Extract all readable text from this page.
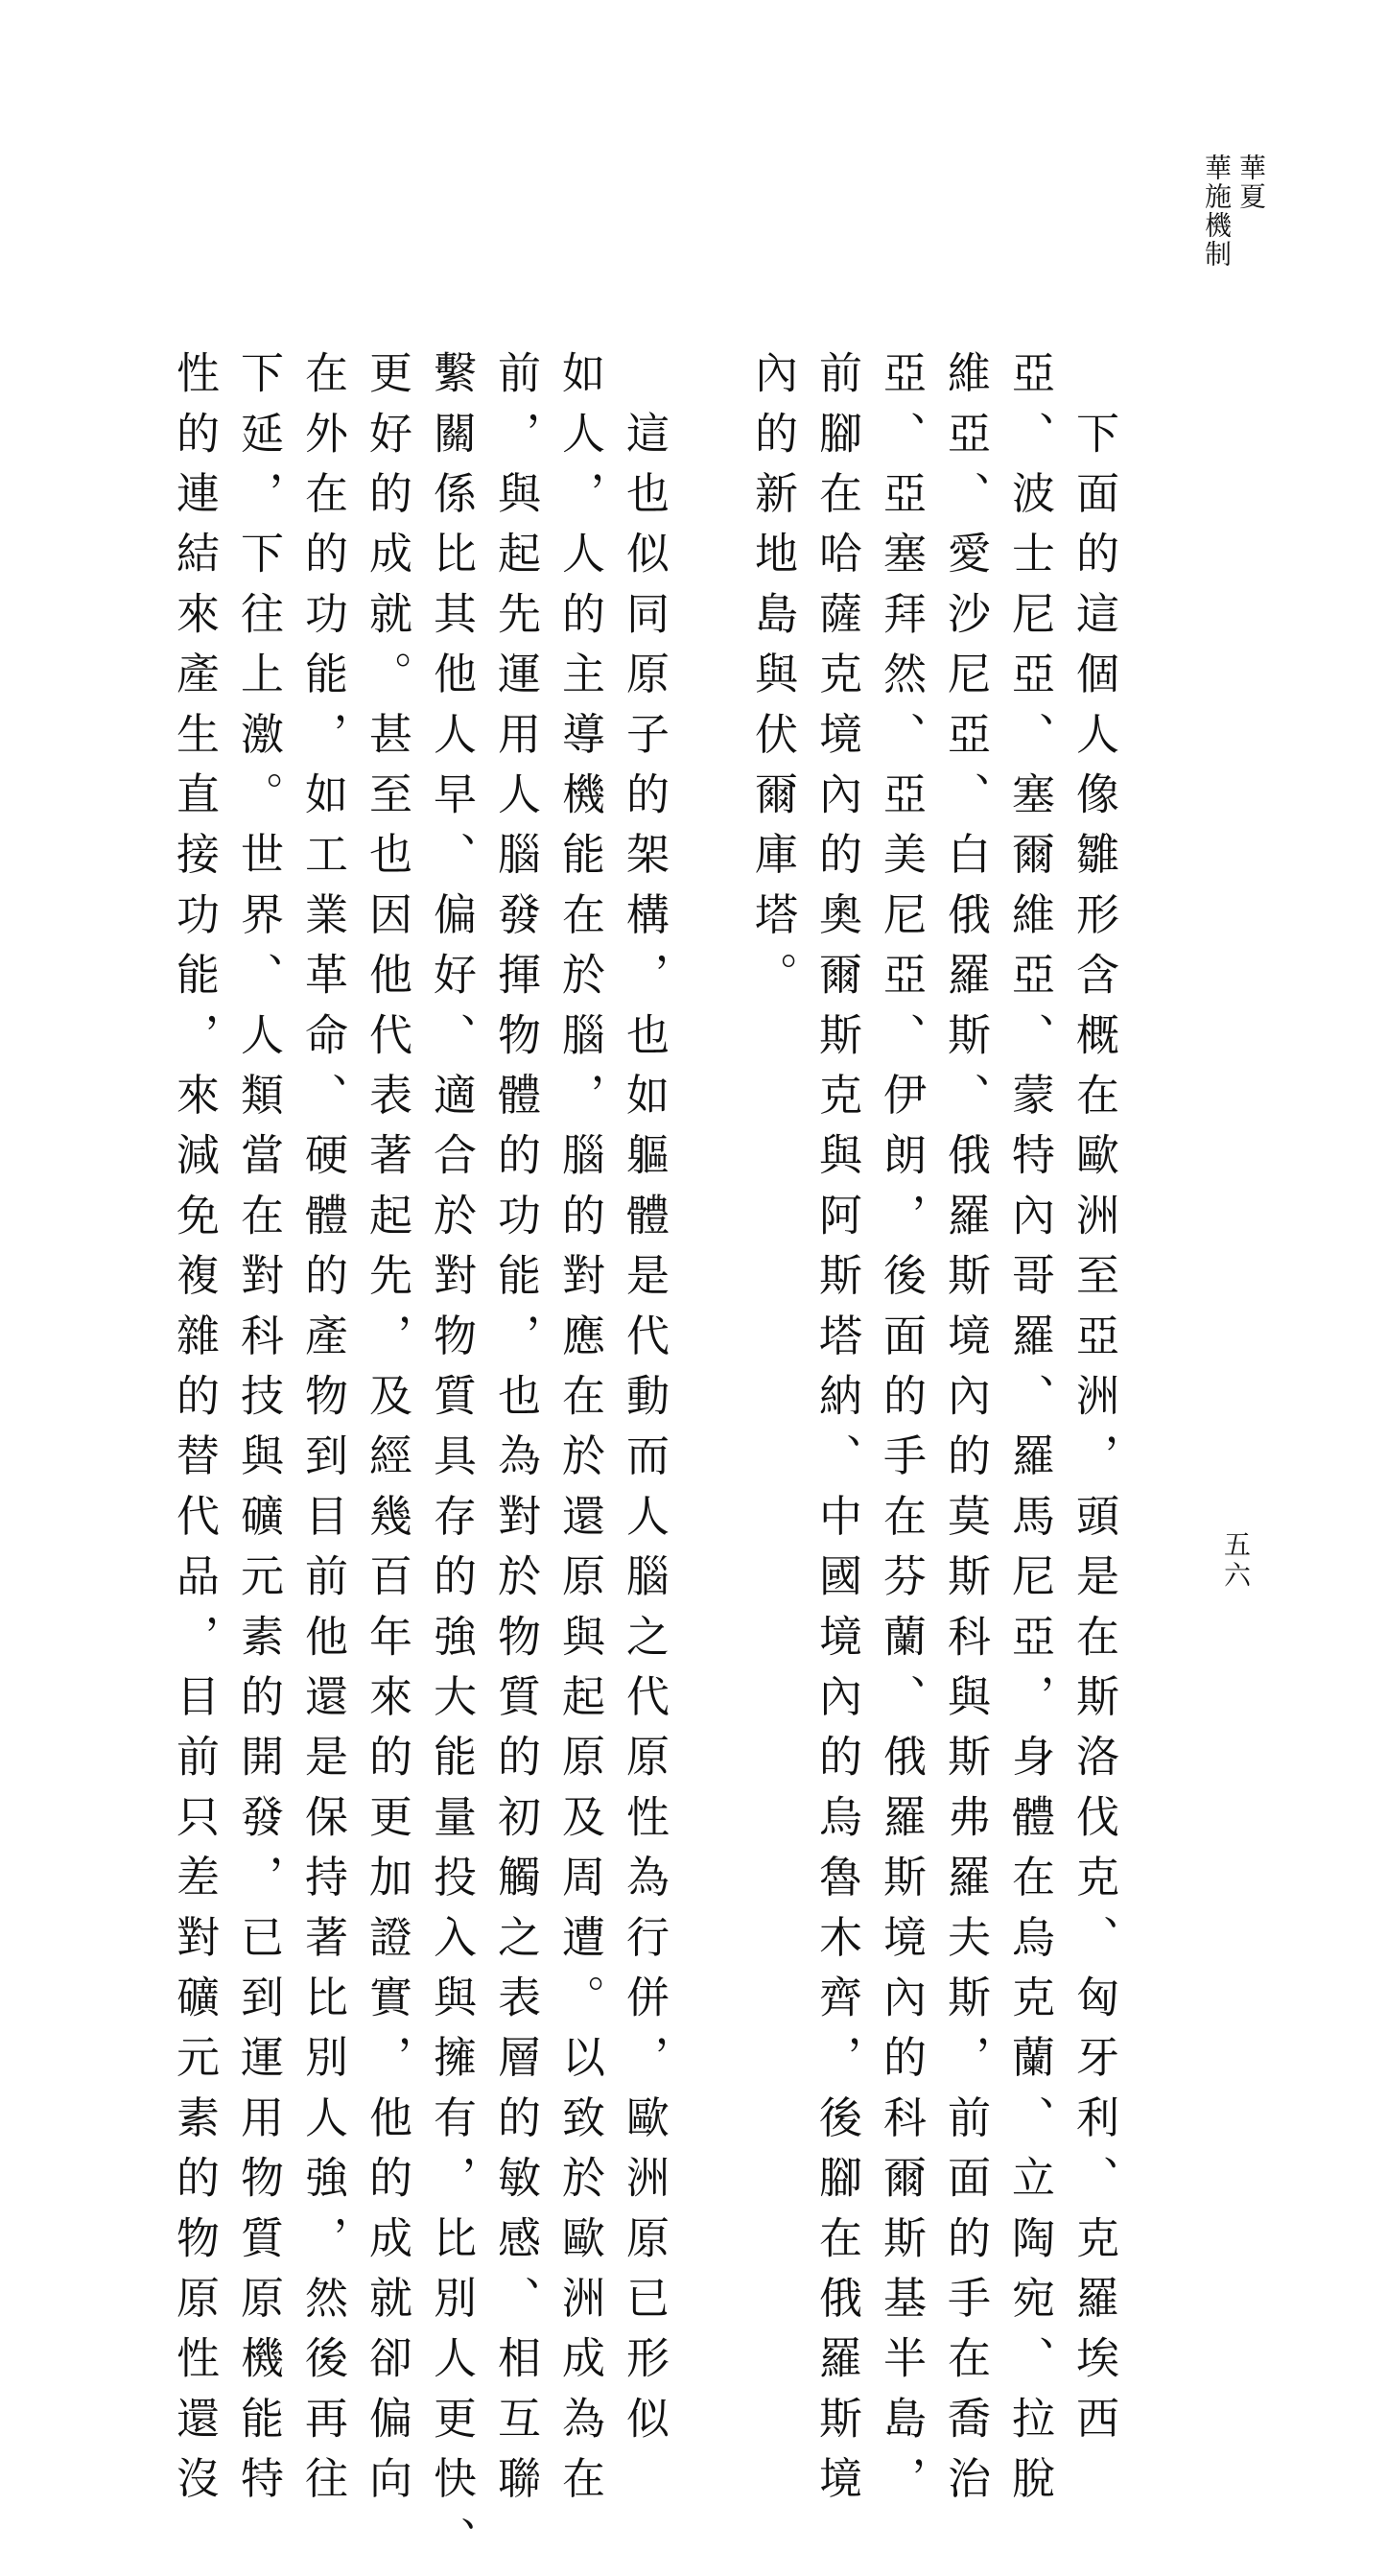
華夏
華施機制
五六
　下面的這個人像雛形含概在歐洲至亞洲，頭是在斯洛伐克、匈牙利、克羅埃西
亞、波士尼亞、塞爾維亞、蒙特內哥羅、羅馬尼亞，身體在烏克蘭、立陶宛、拉脫
維亞、愛沙尼亞、白俄羅斯、俄羅斯境內的莫斯科與斯弗羅夫斯，前面的手在喬治
亞、亞塞拜然、亞美尼亞、伊朗，後面的手在芬蘭、俄羅斯境內的科爾斯基半島，
前腳在哈薩克境內的奧爾斯克與阿斯塔納、中國境內的烏魯木齊，後腳在俄羅斯境
內的新地島與伏爾庫塔。
　這也似同原子的架構，也如軀體是代動而人腦之代原性為行併，歐洲原已形似
如人，人的主導機能在於腦，腦的對應在於還原與起原及周遭。以致於歐洲成為在
前，與起先運用人腦發揮物體的功能，也為對於物質的初觸之表層的敏感、相互聯
繫關係比其他人早、偏好、適合於對物質具存的強大能量投入與擁有，比別人更快、
更好的成就。甚至也因他代表著起先，及經幾百年來的更加證實，他的成就卻偏向
在外在的功能，如工業革命、硬體的產物到目前他還是保持著比別人強，然後再往
下延，下往上激。世界、人類當在對科技與礦元素的開發，已到運用物質原機能特
性的連結來產生直接功能，來減免複雜的替代品，目前只差對礦元素的物原性還沒
